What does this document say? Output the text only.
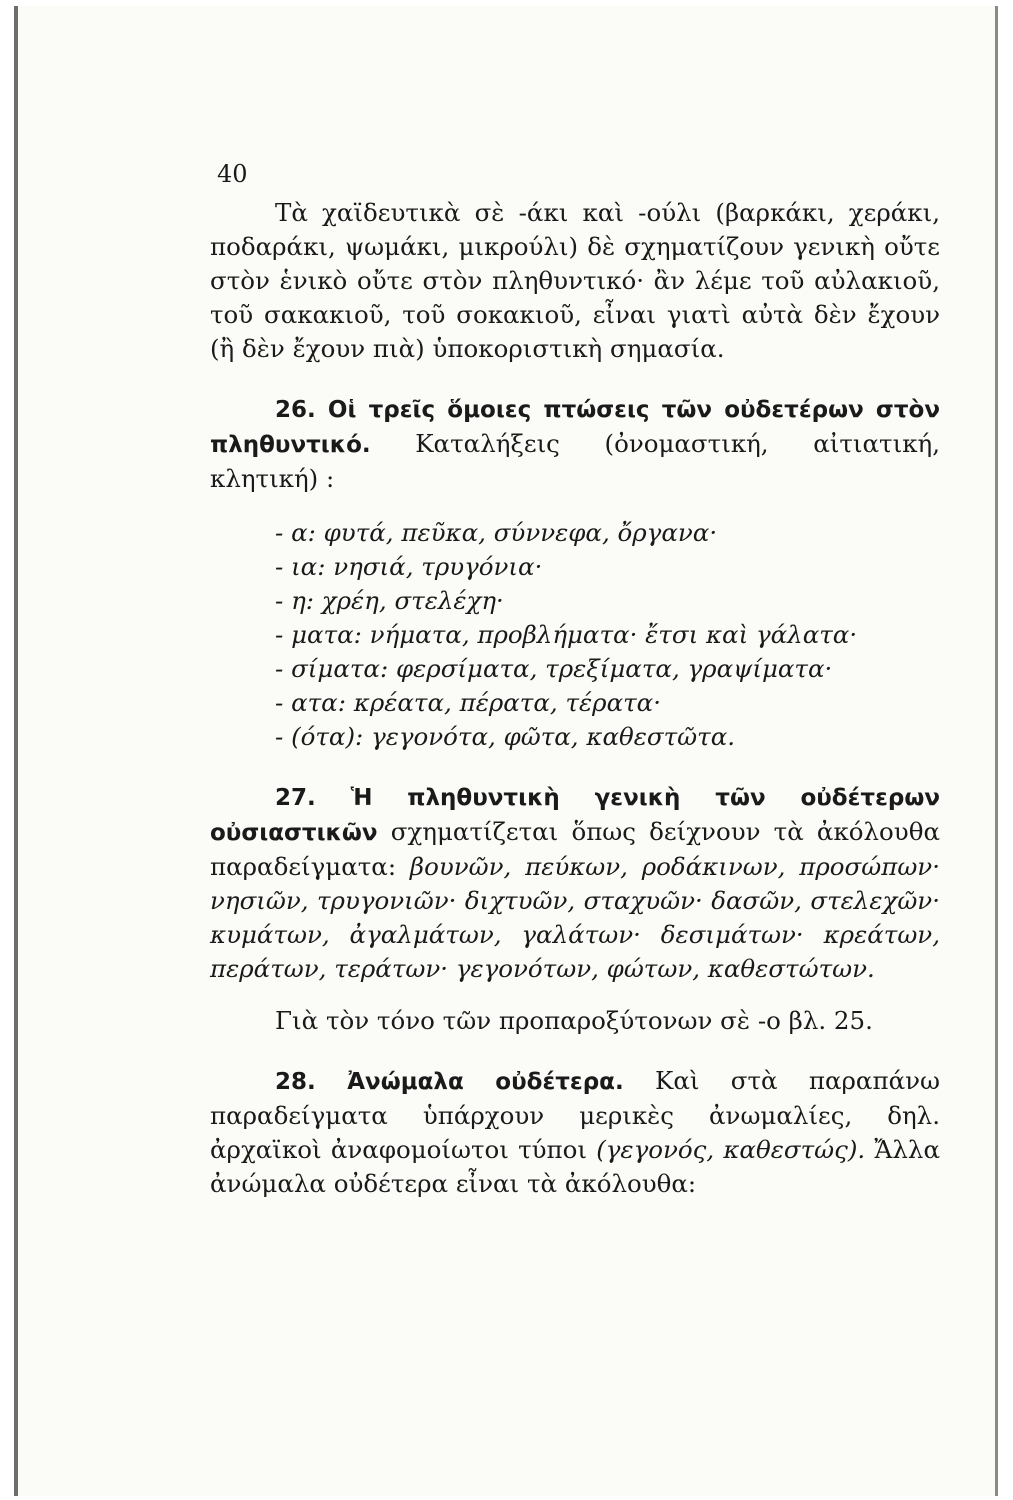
40

Τὰ χαϊδευτικὰ σὲ -άκι καὶ -ούλι (βαρκάκι, χεράκι, ποδαράκι, ψωμάκι, μικρούλι) δὲ σχηματίζουν γενικὴ οὔτε στὸν ἑνικὸ οὔτε στὸν πληθυντικό· ἂν λέμε τοῦ αὐλακιοῦ, τοῦ σακακιοῦ, τοῦ σοκακιοῦ, εἶναι γιατὶ αὐτὰ δὲν ἔχουν (ἢ δὲν ἔχουν πιὰ) ὑποκοριστικὴ σημασία.

26. Οἱ τρεῖς ὅμοιες πτώσεις τῶν οὐδετέρων στὸν πληθυντικό. Καταλήξεις (ὀνομαστική, αἰτιατική, κλητική) :

- α: φυτά, πεῦκα, σύννεφα, ὄργανα·
- ια: νησιά, τρυγόνια·
- η: χρέη, στελέχη·
- ματα: νήματα, προβλήματα· ἔτσι καὶ γάλατα·
- σίματα: φερσίματα, τρεξίματα, γραψίματα·
- ατα: κρέατα, πέρατα, τέρατα·
- (ότα): γεγονότα, φῶτα, καθεστῶτα.

27. Ἡ πληθυντικὴ γενικὴ τῶν οὐδέτερων οὐσιαστικῶν σχηματίζεται ὅπως δείχνουν τὰ ἀκόλουθα παραδείγματα: βουνῶν, πεύκων, ροδάκινων, προσώπων· νησιῶν, τρυγονιῶν· διχτυῶν, σταχυῶν· δασῶν, στελεχῶν· κυμάτων, ἀγαλμάτων, γαλάτων· δεσιμάτων· κρεάτων, περάτων, τεράτων· γεγονότων, φώτων, καθεστώτων.

Γιὰ τὸν τόνο τῶν προπαροξύτονων σὲ -ο βλ. 25.

28. Ἀνώμαλα οὐδέτερα. Καὶ στὰ παραπάνω παραδείγματα ὑπάρχουν μερικὲς ἀνωμαλίες, δηλ. ἀρχαϊκοὶ ἀναφομοίωτοι τύποι (γεγονός, καθεστώς). Ἄλλα ἀνώμαλα οὐδέτερα εἶναι τὰ ἀκόλουθα:
